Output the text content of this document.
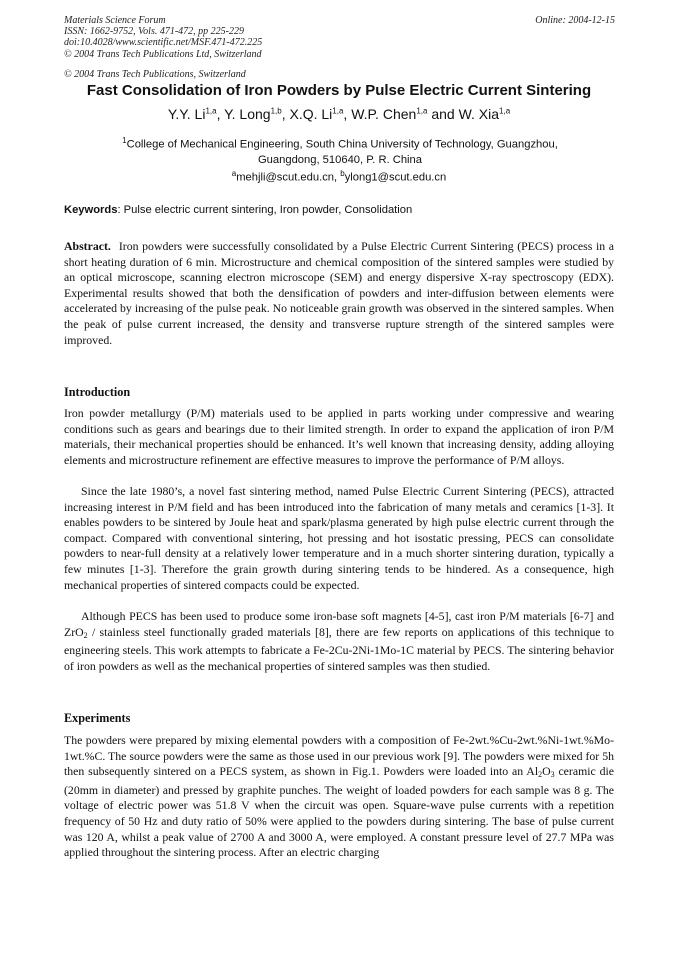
Materials Science Forum
ISSN: 1662-9752, Vols. 471-472, pp 225-229
doi:10.4028/www.scientific.net/MSF.471-472.225
© 2004 Trans Tech Publications Ltd, Switzerland
Online: 2004-12-15
© 2004 Trans Tech Publications, Switzerland
Fast Consolidation of Iron Powders by Pulse Electric Current Sintering
Y.Y. Li$^{1,a}$, Y. Long$^{1,b}$, X.Q. Li$^{1,a}$, W.P. Chen$^{1,a}$ and W. Xia$^{1,a}$
$^1$College of Mechanical Engineering, South China University of Technology, Guangzhou,
Guangdong, 510640, P. R. China
$^a$mehjli@scut.edu.cn, $^b$ylong1@scut.edu.cn
Keywords: Pulse electric current sintering, Iron powder, Consolidation
Abstract. Iron powders were successfully consolidated by a Pulse Electric Current Sintering (PECS) process in a short heating duration of 6 min. Microstructure and chemical composition of the sintered samples were studied by an optical microscope, scanning electron microscope (SEM) and energy dispersive X-ray spectroscopy (EDX). Experimental results showed that both the densification of powders and inter-diffusion between elements were accelerated by increasing of the pulse peak. No noticeable grain growth was observed in the sintered samples. When the peak of pulse current increased, the density and transverse rupture strength of the sintered samples were improved.
Introduction
Iron powder metallurgy (P/M) materials used to be applied in parts working under compressive and wearing conditions such as gears and bearings due to their limited strength. In order to expand the application of iron P/M materials, their mechanical properties should be enhanced. It’s well known that increasing density, adding alloying elements and microstructure refinement are effective measures to improve the performance of P/M alloys.
Since the late 1980’s, a novel fast sintering method, named Pulse Electric Current Sintering (PECS), attracted increasing interest in P/M field and has been introduced into the fabrication of many metals and ceramics [1-3]. It enables powders to be sintered by Joule heat and spark/plasma generated by high pulse electric current through the compact. Compared with conventional sintering, hot pressing and hot isostatic pressing, PECS can consolidate powders to near-full density at a relatively lower temperature and in a much shorter sintering duration, typically a few minutes [1-3]. Therefore the grain growth during sintering tends to be hindered. As a consequence, high mechanical properties of sintered compacts could be expected.
Although PECS has been used to produce some iron-base soft magnets [4-5], cast iron P/M materials [6-7] and ZrO$_2$ / stainless steel functionally graded materials [8], there are few reports on applications of this technique to engineering steels. This work attempts to fabricate a Fe-2Cu-2Ni-1Mo-1C material by PECS. The sintering behavior of iron powders as well as the mechanical properties of sintered samples was then studied.
Experiments
The powders were prepared by mixing elemental powders with a composition of Fe-2wt.%Cu-2wt.%Ni-1wt.%Mo-1wt.%C. The source powders were the same as those used in our previous work [9]. The powders were mixed for 5h then subsequently sintered on a PECS system, as shown in Fig.1. Powders were loaded into an $Al_2O_3$ ceramic die (20mm in diameter) and pressed by graphite punches. The weight of loaded powders for each sample was 8 g. The voltage of electric power was 51.8 V when the circuit was open. Square-wave pulse currents with a repetition frequency of 50 Hz and duty ratio of 50% were applied to the powders during sintering. The base of pulse current was 120 A, whilst a peak value of 2700 A and 3000 A, were employed. A constant pressure level of 27.7 MPa was applied throughout the sintering process. After an electric charging
